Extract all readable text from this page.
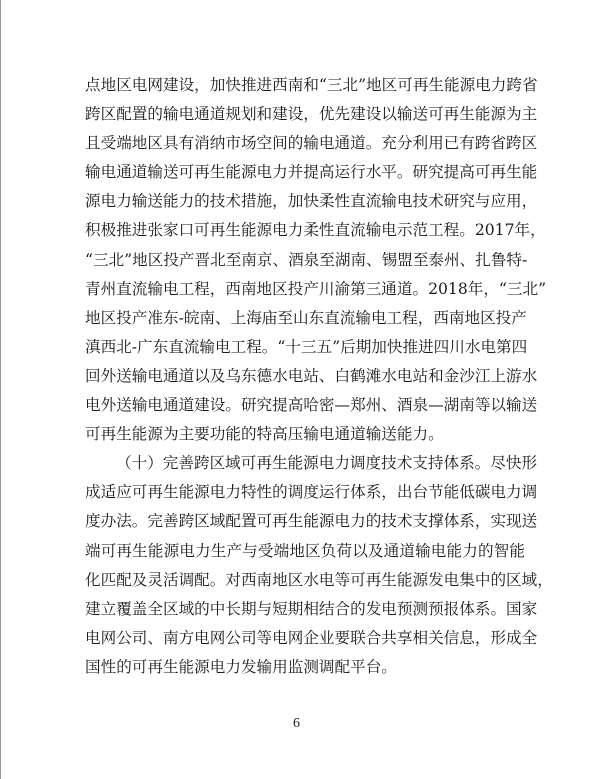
点地区电网建设，加快推进西南和“三北”地区可再生能源电力跨省
跨区配置的输电通道规划和建设，优先建设以输送可再生能源为主
且受端地区具有消纳市场空间的输电通道。充分利用已有跨省跨区
输电通道输送可再生能源电力并提高运行水平。研究提高可再生能
源电力输送能力的技术措施，加快柔性直流输电技术研究与应用，
积极推进张家口可再生能源电力柔性直流输电示范工程。2017年，
“三北”地区投产晋北至南京、酒泉至湖南、锡盟至泰州、扎鲁特-
青州直流输电工程，西南地区投产川渝第三通道。2018年，“三北”
地区投产准东-皖南、上海庙至山东直流输电工程，西南地区投产
滇西北-广东直流输电工程。“十三五”后期加快推进四川水电第四
回外送输电通道以及乌东德水电站、白鹤滩水电站和金沙江上游水
电外送输电通道建设。研究提高哈密—郑州、酒泉—湖南等以输送
可再生能源为主要功能的特高压输电通道输送能力。
（十）完善跨区域可再生能源电力调度技术支持体系。尽快形
成适应可再生能源电力特性的调度运行体系，出台节能低碳电力调
度办法。完善跨区域配置可再生能源电力的技术支撑体系，实现送
端可再生能源电力生产与受端地区负荷以及通道输电能力的智能
化匹配及灵活调配。对西南地区水电等可再生能源发电集中的区域，
建立覆盖全区域的中长期与短期相结合的发电预测预报体系。国家
电网公司、南方电网公司等电网企业要联合共享相关信息，形成全
国性的可再生能源电力发输用监测调配平台。
6
